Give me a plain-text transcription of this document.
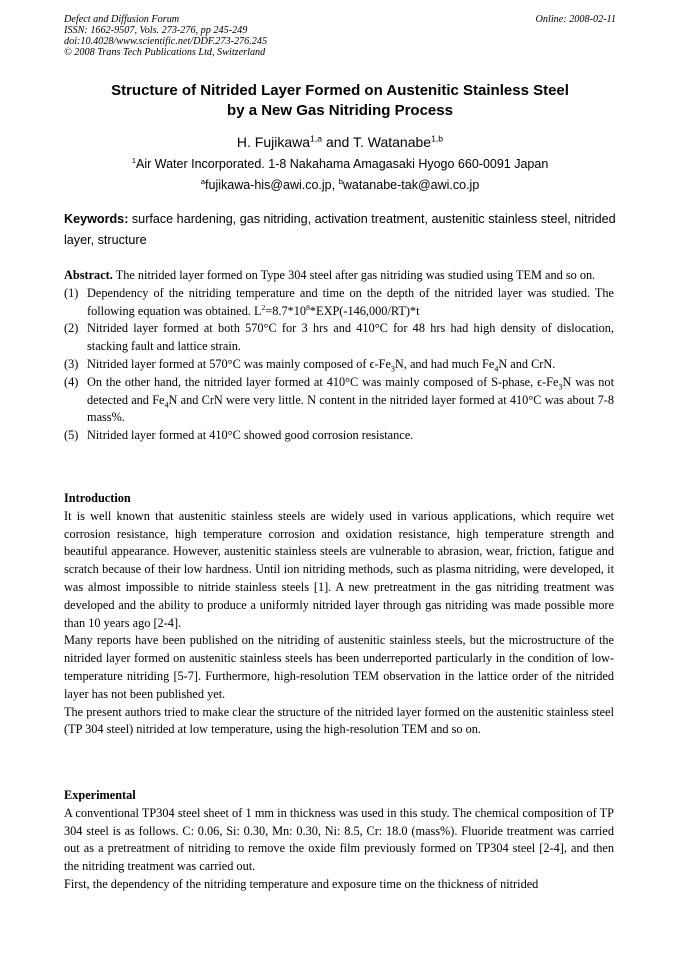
Defect and Diffusion Forum
ISSN: 1662-9507, Vols. 273-276, pp 245-249
doi:10.4028/www.scientific.net/DDF.273-276.245
© 2008 Trans Tech Publications Ltd, Switzerland
Online: 2008-02-11
Structure of Nitrided Layer Formed on Austenitic Stainless Steel
by a New Gas Nitriding Process
H. Fujikawa$^{1,a}$ and T. Watanabe$^{1,b}$
$^1$Air Water Incorporated. 1-8 Nakahama Amagasaki Hyogo 660-0091 Japan
$^a$fujikawa-his@awi.co.jp, $^b$watanabe-tak@awi.co.jp
Keywords: surface hardening, gas nitriding, activation treatment, austenitic stainless steel, nitrided layer, structure

Abstract. The nitrided layer formed on Type 304 steel after gas nitriding was studied using TEM and so on.

(1) Dependency of the nitriding temperature and time on the depth of the nitrided layer was studied. The following equation was obtained. $L^2=8.7*10^8*EXP(-146,000/RT)*t$
(2) Nitrided layer formed at both 570°C for 3 hrs and 410°C for 48 hrs had high density of dislocation, stacking fault and lattice strain.
(3) Nitrided layer formed at 570°C was mainly composed of $\epsilon-Fe_3N$, and had much $Fe_4N$ and CrN.
(4) On the other hand, the nitrided layer formed at 410°C was mainly composed of S-phase, $\epsilon-Fe_3N$ was not detected and $Fe_4N$ and CrN were very little. N content in the nitrided layer formed at 410°C was about 7-8 mass%.
(5) Nitrided layer formed at 410°C showed good corrosion resistance.

Introduction

It is well known that austenitic stainless steels are widely used in various applications, which require wet corrosion resistance, high temperature corrosion and oxidation resistance, high temperature strength and beautiful appearance. However, austenitic stainless steels are vulnerable to abrasion, wear, friction, fatigue and scratch because of their low hardness. Until ion nitriding methods, such as plasma nitriding, were developed, it was almost impossible to nitride stainless steels [1]. A new pretreatment in the gas nitriding treatment was developed and the ability to produce a uniformly nitrided layer through gas nitriding was made possible more than 10 years ago [2-4].

Many reports have been published on the nitriding of austenitic stainless steels, but the microstructure of the nitrided layer formed on austenitic stainless steels has been underreported particularly in the condition of low-temperature nitriding [5-7]. Furthermore, high-resolution TEM observation in the lattice order of the nitrided layer has not been published yet.

The present authors tried to make clear the structure of the nitrided layer formed on the austenitic stainless steel (TP 304 steel) nitrided at low temperature, using the high-resolution TEM and so on.

Experimental

A conventional TP304 steel sheet of 1 mm in thickness was used in this study. The chemical composition of TP 304 steel is as follows. C: 0.06, Si: 0.30, Mn: 0.30, Ni: 8.5, Cr: 18.0 (mass%). Fluoride treatment was carried out as a pretreatment of nitriding to remove the oxide film previously formed on TP304 steel [2-4], and then the nitriding treatment was carried out.

First, the dependency of the nitriding temperature and exposure time on the thickness of nitrided
